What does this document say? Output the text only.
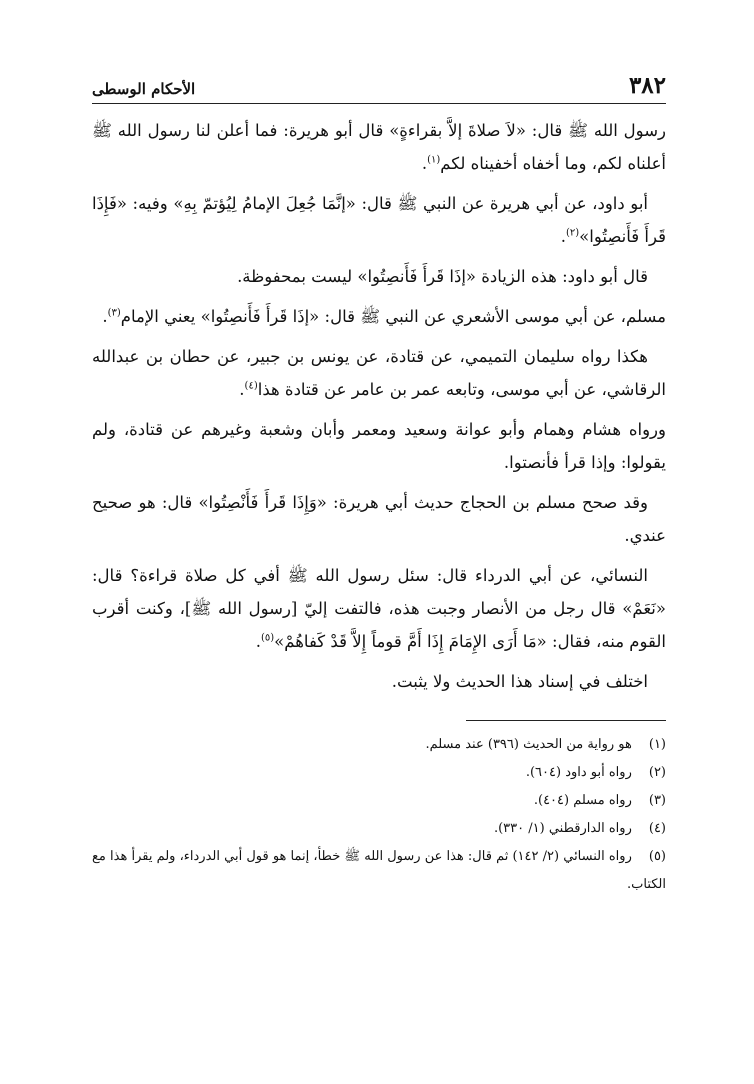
٣٨٢
الأحكام الوسطى

رسول الله ﷺ قال: «لاَ صلاةَ إلاَّ بقراءةٍ» قال أبو هريرة: فما أعلن لنا رسول الله ﷺ أعلناه لكم، وما أخفاه أخفيناه لكم$^{(١)}$.

أبو داود، عن أبي هريرة عن النبي ﷺ قال: «إنَّمَا جُعِلَ الإمامُ لِيُؤتمّ بِهِ» وفيه: «فَإِذَا قَرأَ فَأَنصِتُوا»$^{(٢)}$.

قال أبو داود: هذه الزيادة «إذَا قَرأَ فَأَنصِتُوا» ليست بمحفوظة.

مسلم، عن أبي موسى الأشعري عن النبي ﷺ قال: «إذَا قَرأَ فَأَنصِتُوا» يعني الإمام$^{(٣)}$.

هكذا رواه سليمان التميمي، عن قتادة، عن يونس بن جبير، عن حطان بن عبدالله الرقاشي، عن أبي موسى، وتابعه عمر بن عامر عن قتادة هذا$^{(٤)}$.

ورواه هشام وهمام وأبو عوانة وسعيد ومعمر وأبان وشعبة وغيرهم عن قتادة، ولم يقولوا: وإذا قرأ فأنصتوا.

وقد صحح مسلم بن الحجاج حديث أبي هريرة: «وَإِذَا قَرأَ فَأَنْصِتُوا» قال: هو صحيح عندي.

النسائي، عن أبي الدرداء قال: سئل رسول الله ﷺ أفي كل صلاة قراءة؟ قال: «نَعَمْ» قال رجل من الأنصار وجبت هذه، فالتفت إليّ [رسول الله ﷺ]، وكنت أقرب القوم منه، فقال: «مَا أَرَى الإِمَامَ إِذَا أَمَّ قوماً إِلاَّ قَدْ كَفاهُمْ»$^{(٥)}$.

اختلف في إسناد هذا الحديث ولا يثبت.

(١) هو رواية من الحديث (٣٩٦) عند مسلم.

(٢) رواه أبو داود (٦٠٤).

(٣) رواه مسلم (٤٠٤).

(٤) رواه الدارقطني (١/ ٣٣٠).

(٥) رواه النسائي (٢/ ١٤٢) ثم قال: هذا عن رسول الله ﷺ خطأ، إنما هو قول أبي الدرداء، ولم يقرأ هذا مع الكتاب.
